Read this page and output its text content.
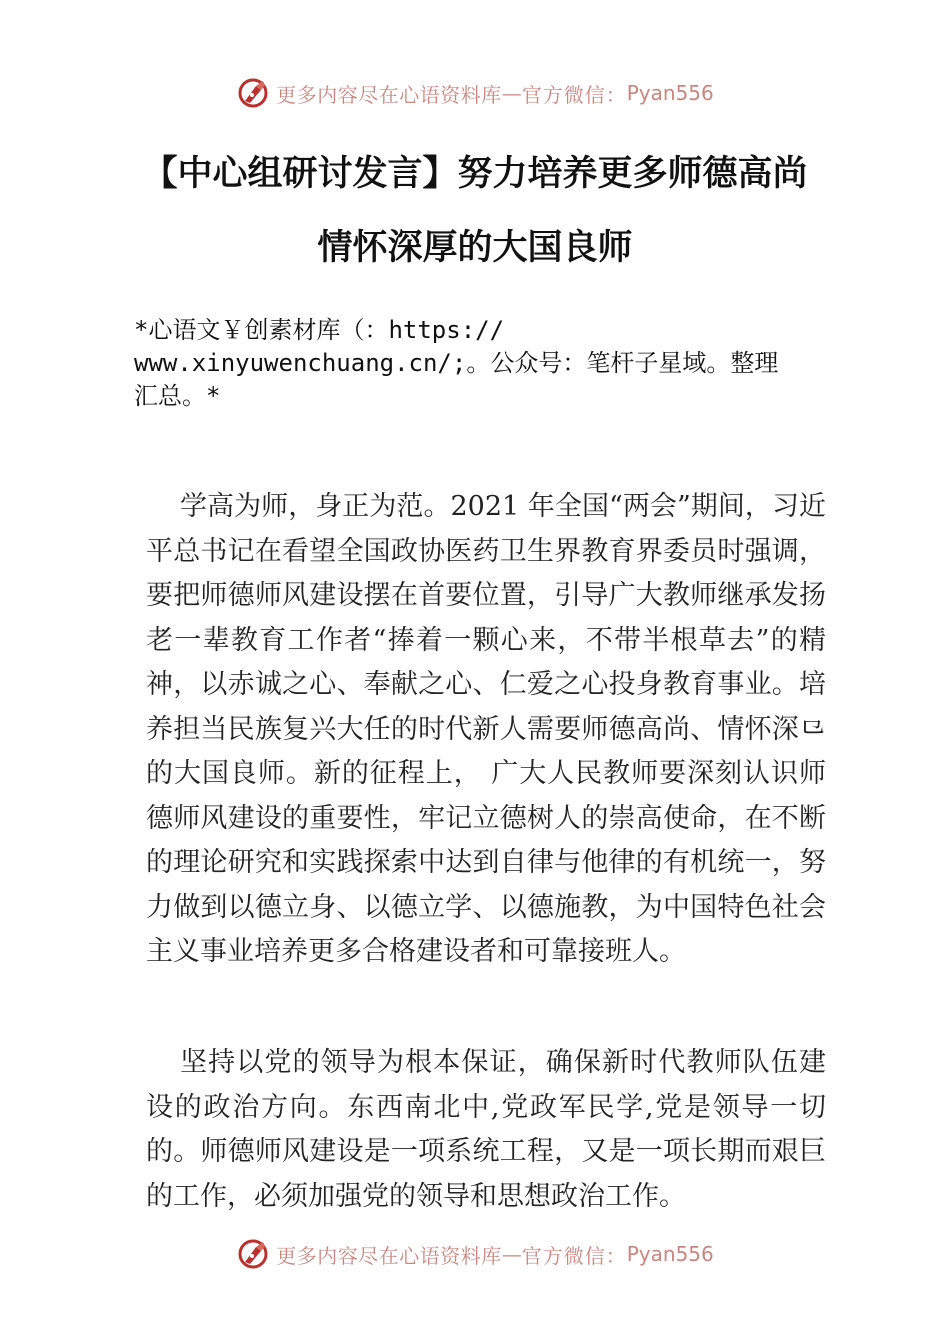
更多内容尽在心语资料库 — 官方微信： Pyan556
【中心组研讨发言】努力培养更多师德高尚
情怀深厚的大国良师
*心语文￥创素材库（：https://
www.xinyuwenchuang.cn/;。公众号：笔杆子星域。整理
汇总。*

学高为师，身正为范。2021 年全国“两会”期间，习近平总书记在看望全国政协医药卫生界教育界委员时强调，要把师德师风建设摆在首要位置，引导广大教师继承发扬老一辈教育工作者“捧着一颗心来，不带半根草去”的精神，以赤诚之心、奉献之心、仁爱之心投身教育事业。培养担当民族复兴大任的时代新人需要师德高尚、情怀深⺋的大国良师。新的征程上， 广大人民教师要深刻认识师德师风建设的重要性，牢记立德树人的崇高使命，在不断的理论研究和实践探索中达到自律与他律的有机统一，努力做到以德立身、以德立学、以德施教，为中国特色社会主义事业培养更多合格建设者和可靠接班人。

坚持以党的领导为根本保证，确保新时代教师队伍建设的政治方向。东西南北中,党政军民学,党是领导一切的。师德师风建设是一项系统工程，又是一项长期而艰巨的工作，必须加强党的领导和思想政治工作。

更多内容尽在心语资料库 — 官方微信： Pyan556
